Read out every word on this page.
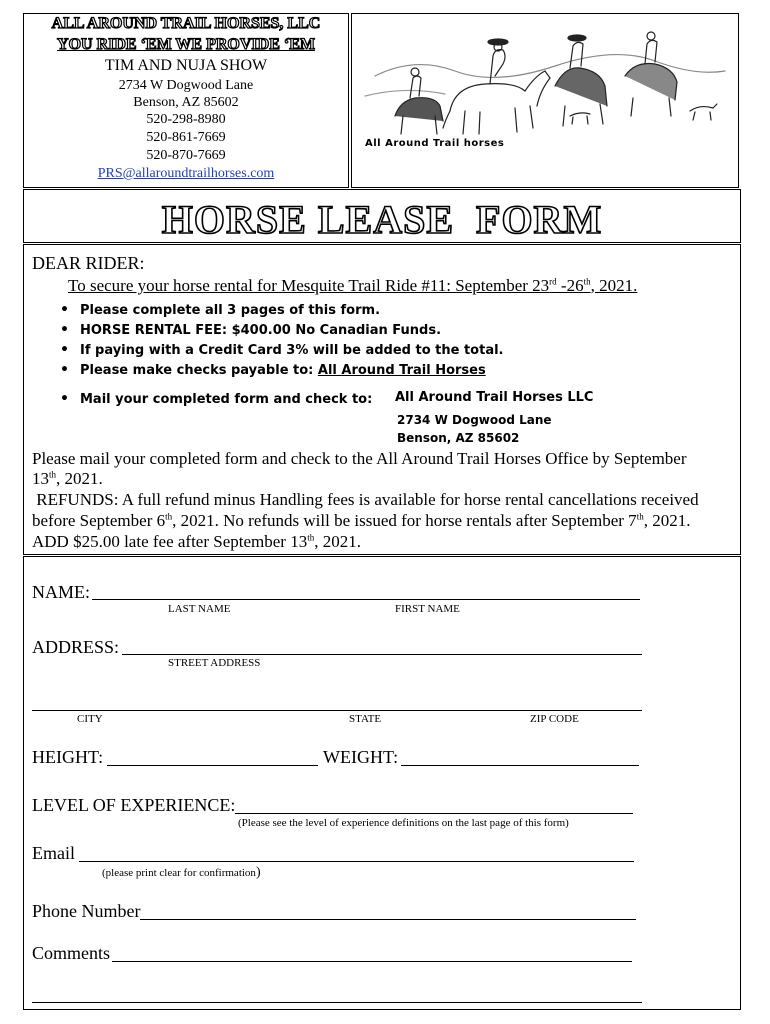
ALL AROUND TRAIL HORSES, LLC
YOU RIDE ‘EM WE PROVIDE ‘EM
TIM AND NUJA SHOW
2734 W Dogwood Lane
Benson, AZ 85602
520-298-8980
520-861-7669
520-870-7669
PRS@allaroundtrailhorses.com
All Around Trail horses
HORSE LEASE  FORM
DEAR RIDER:
To secure your horse rental for Mesquite Trail Ride #11: September 23rd -26th, 2021.
• Please complete all 3 pages of this form.
• HORSE RENTAL FEE: $400.00 No Canadian Funds.
• If paying with a Credit Card 3% will be added to the total.
• Please make checks payable to: All Around Trail Horses
• Mail your completed form and check to: All Around Trail Horses LLC
2734 W Dogwood Lane
Benson, AZ 85602
Please mail your completed form and check to the All Around Trail Horses Office by September
13th, 2021.
REFUNDS: A full refund minus Handling fees is available for horse rental cancellations received
before September 6th, 2021. No refunds will be issued for horse rentals after September 7th, 2021.
ADD $25.00 late fee after September 13th, 2021.
NAME:
LAST NAME	FIRST NAME
ADDRESS:
STREET ADDRESS
CITY	STATE	ZIP CODE
HEIGHT:	WEIGHT:
LEVEL OF EXPERIENCE:
(Please see the level of experience definitions on the last page of this form)
Email
(please print clear for confirmation)
Phone Number
Comments
